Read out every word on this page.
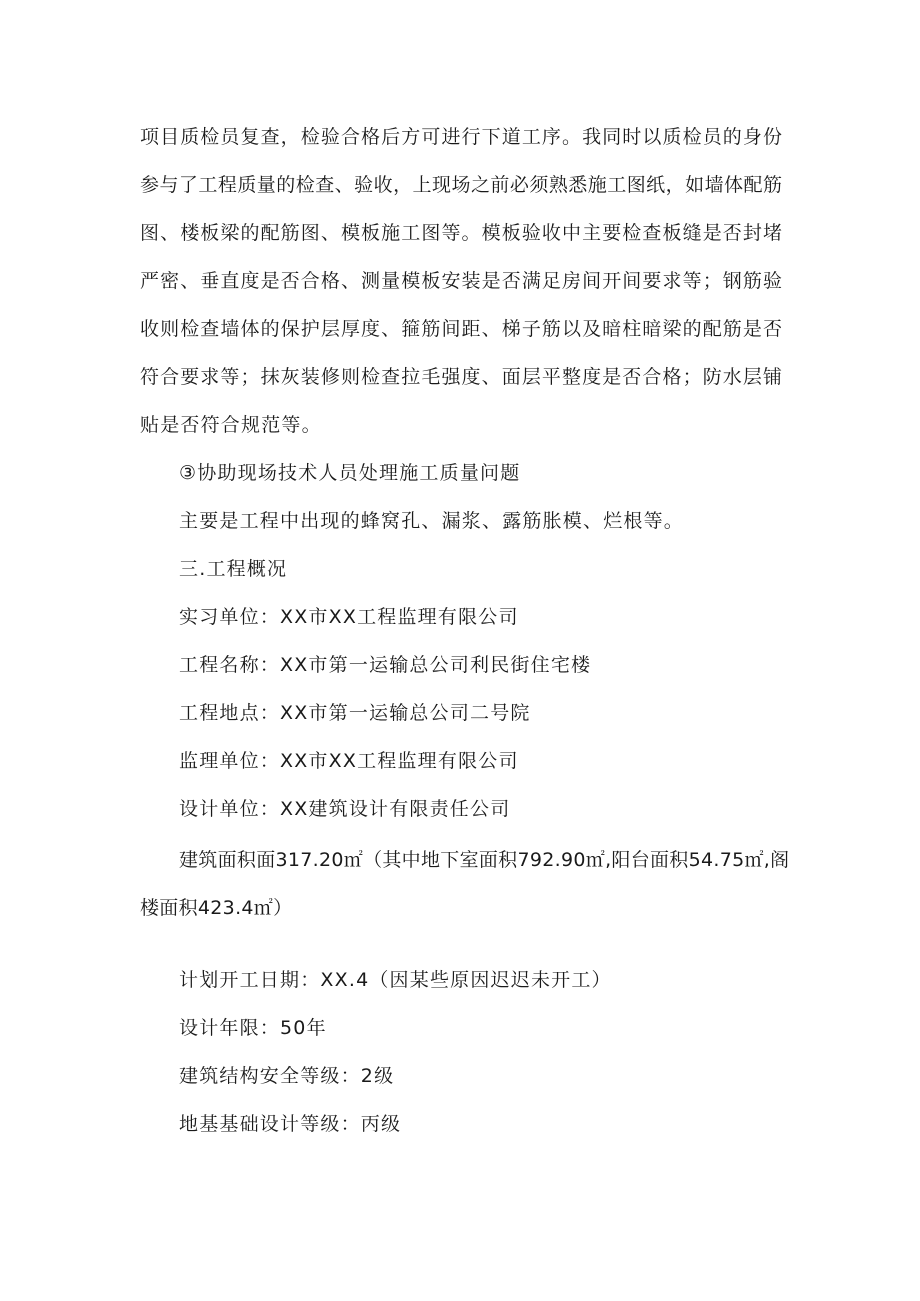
项目质检员复查，检验合格后方可进行下道工序。我同时以质检员的身份
参与了工程质量的检查、验收，上现场之前必须熟悉施工图纸，如墙体配筋
图、楼板梁的配筋图、模板施工图等。模板验收中主要检查板缝是否封堵
严密、垂直度是否合格、测量模板安装是否满足房间开间要求等；钢筋验
收则检查墙体的保护层厚度、箍筋间距、梯子筋以及暗柱暗梁的配筋是否
符合要求等；抹灰装修则检查拉毛强度、面层平整度是否合格；防水层铺
贴是否符合规范等。
③协助现场技术人员处理施工质量问题
主要是工程中出现的蜂窝孔、漏浆、露筋胀模、烂根等。
三.工程概况
实习单位：XX市XX工程监理有限公司
工程名称：XX市第一运输总公司利民街住宅楼
工程地点：XX市第一运输总公司二号院
监理单位：XX市XX工程监理有限公司
设计单位：XX建筑设计有限责任公司
建筑面积面317.20㎡（其中地下室面积792.90㎡,阳台面积54.75㎡,阁
楼面积423.4㎡）
计划开工日期：XX.4（因某些原因迟迟未开工）
设计年限：50年
建筑结构安全等级：2级
地基基础设计等级：丙级
